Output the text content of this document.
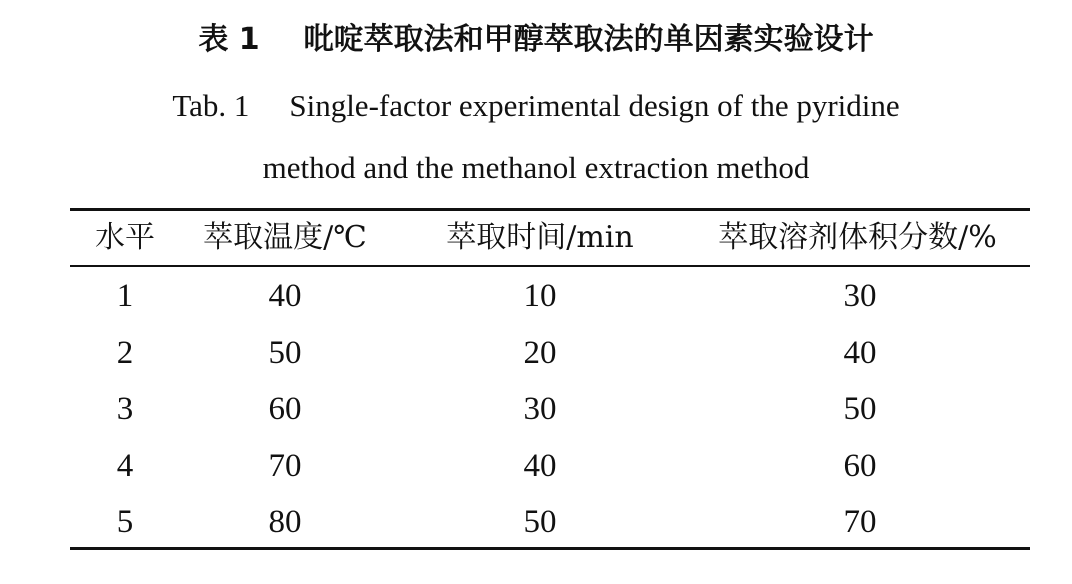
表 1 吡啶萃取法和甲醇萃取法的单因素实验设计
Tab. 1 Single-factor experimental design of the pyridine
method and the methanol extraction method
水平	萃取温度/℃	萃取时间/min	萃取溶剂体积分数/%
1	40	10	30
2	50	20	40
3	60	30	50
4	70	40	60
5	80	50	70
